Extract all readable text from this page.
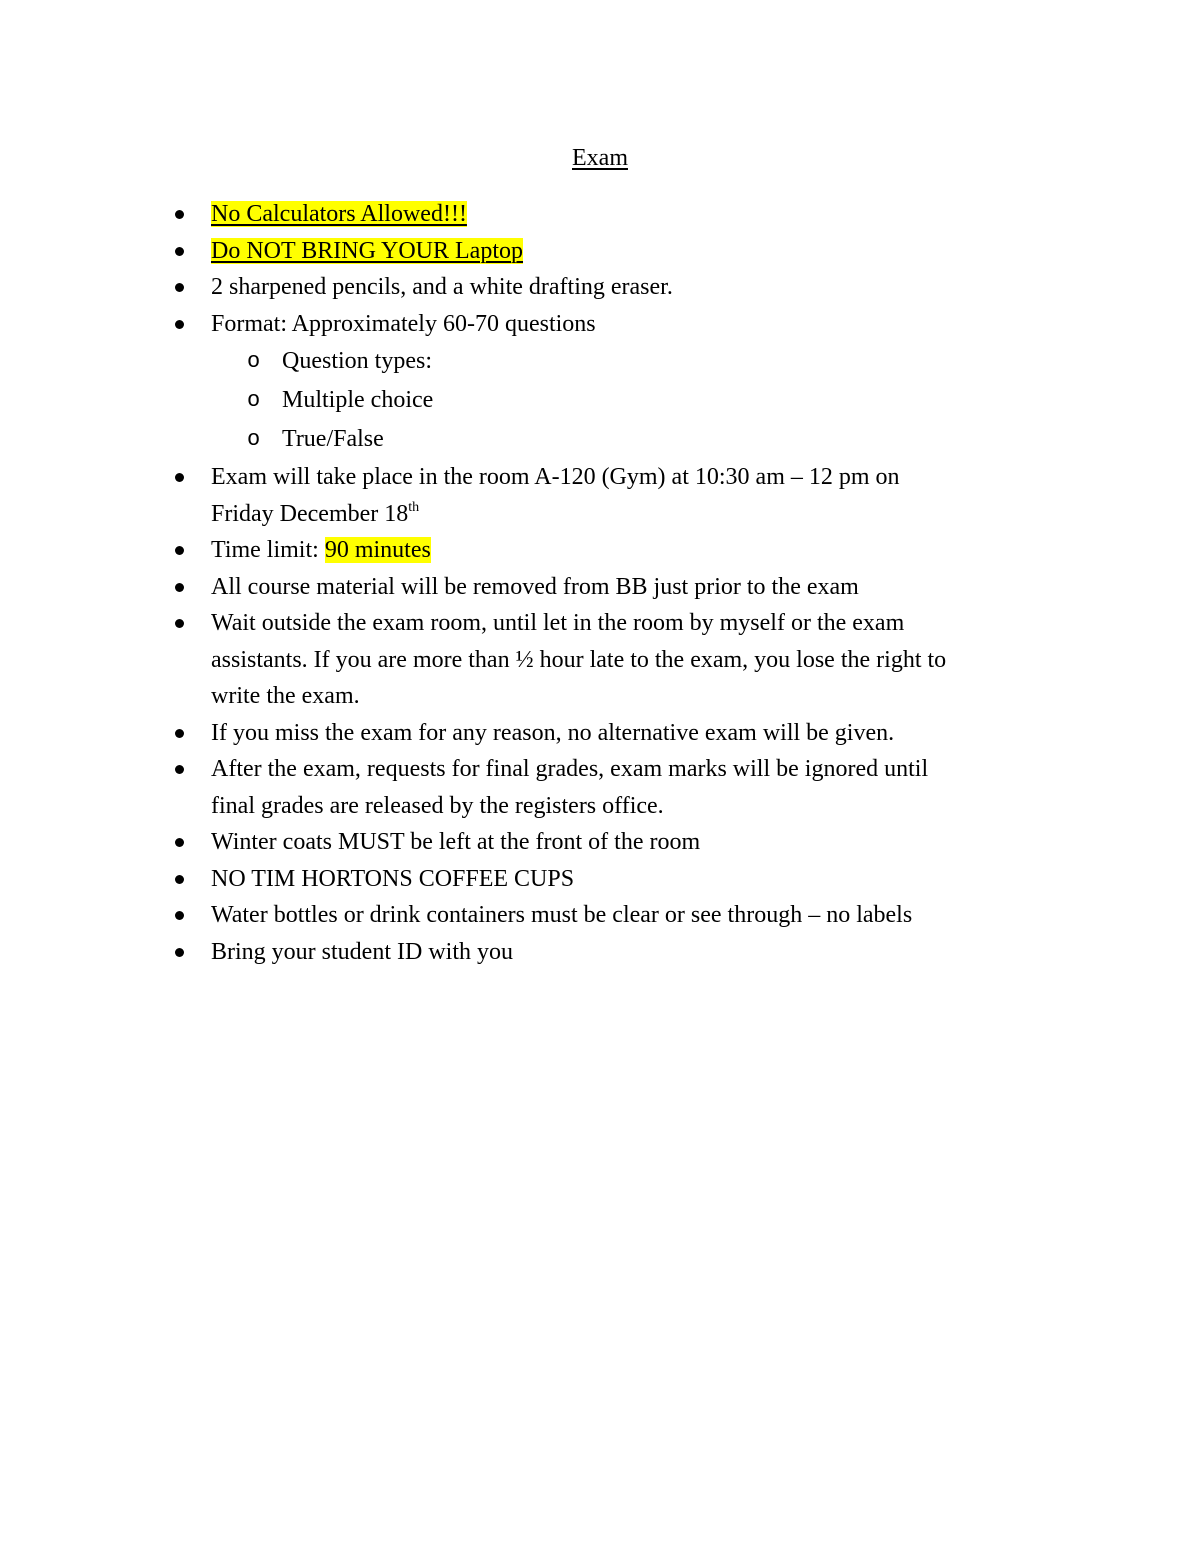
Exam
No Calculators Allowed!!!
Do NOT BRING YOUR Laptop
2 sharpened pencils, and a white drafting eraser.
Format: Approximately 60-70 questions
o Question types:
o Multiple choice
o True/False
Exam will take place in the room A-120 (Gym) at 10:30 am – 12 pm on
Friday December 18th
Time limit: 90 minutes
All course material will be removed from BB just prior to the exam
Wait outside the exam room, until let in the room by myself or the exam
assistants. If you are more than ½ hour late to the exam, you lose the right to
write the exam.
If you miss the exam for any reason, no alternative exam will be given.
After the exam, requests for final grades, exam marks will be ignored until
final grades are released by the registers office.
Winter coats MUST be left at the front of the room
NO TIM HORTONS COFFEE CUPS
Water bottles or drink containers must be clear or see through – no labels
Bring your student ID with you
